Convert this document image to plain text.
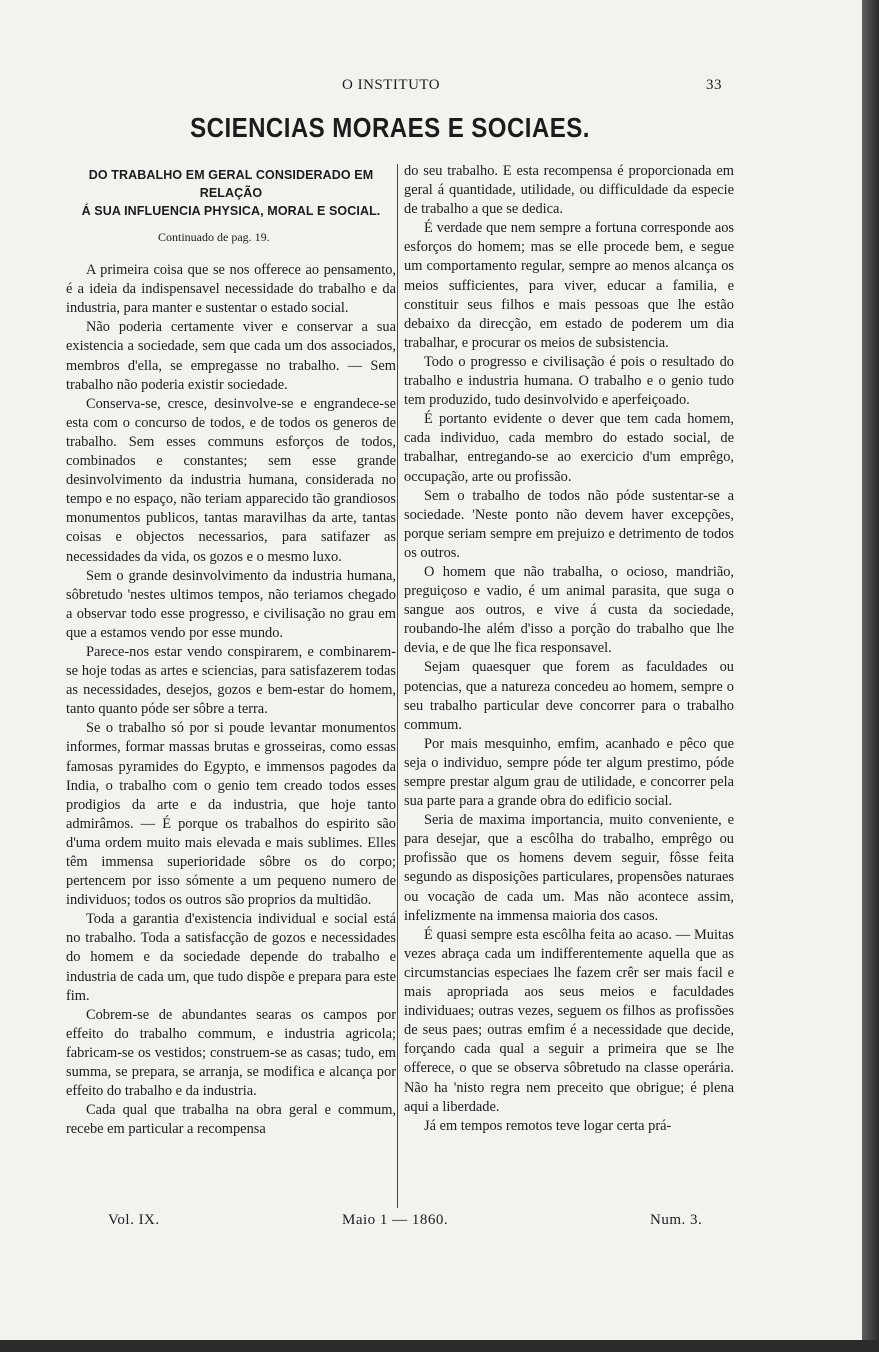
O INSTITUTO	33
SCIENCIAS MORAES E SOCIAES.
DO TRABALHO EM GERAL CONSIDERADO EM RELAÇÃO
Á SUA INFLUENCIA PHYSICA, MORAL E SOCIAL.
Continuado de pag. 19.

A primeira coisa que se nos offerece ao pensamento, é a ideia da indispensavel necessidade do trabalho e da industria, para manter e sustentar o estado social.

Não poderia certamente viver e conservar a sua existencia a sociedade, sem que cada um dos associados, membros d'ella, se empregasse no trabalho. — Sem trabalho não poderia existir sociedade.

Conserva-se, cresce, desinvolve-se e engrandece-se esta com o concurso de todos, e de todos os generos de trabalho. Sem esses communs esforços de todos, combinados e constantes; sem esse grande desinvolvimento da industria humana, considerada no tempo e no espaço, não teriam apparecido tão grandiosos monumentos publicos, tantas maravilhas da arte, tantas coisas e objectos necessarios, para satifazer as necessidades da vida, os gozos e o mesmo luxo.

Sem o grande desinvolvimento da industria humana, sôbretudo 'nestes ultimos tempos, não teriamos chegado a observar todo esse progresso, e civilisação no grau em que a estamos vendo por esse mundo.

Parece-nos estar vendo conspirarem, e combinarem-se hoje todas as artes e sciencias, para satisfazerem todas as necessidades, desejos, gozos e bem-estar do homem, tanto quanto póde ser sôbre a terra.

Se o trabalho só por si poude levantar monumentos informes, formar massas brutas e grosseiras, como essas famosas pyramides do Egypto, e immensos pagodes da India, o trabalho com o genio tem creado todos esses prodigios da arte e da industria, que hoje tanto admirâmos. — É porque os trabalhos do espirito são d'uma ordem muito mais elevada e mais sublimes. Elles têm immensa superioridade sôbre os do corpo; pertencem por isso sómente a um pequeno numero de individuos; todos os outros são proprios da multidão.

Toda a garantia d'existencia individual e social está no trabalho. Toda a satisfacção de gozos e necessidades do homem e da sociedade depende do trabalho e industria de cada um, que tudo dispõe e prepara para este fim.

Cobrem-se de abundantes searas os campos por effeito do trabalho commum, e industria agricola; fabricam-se os vestidos; construem-se as casas; tudo, em summa, se prepara, se arranja, se modifica e alcança por effeito do trabalho e da industria.

Cada qual que trabalha na obra geral e commum, recebe em particular a recompensa

do seu trabalho. E esta recompensa é proporcionada em geral á quantidade, utilidade, ou difficuldade da especie de trabalho a que se dedica.

É verdade que nem sempre a fortuna corresponde aos esforços do homem; mas se elle procede bem, e segue um comportamento regular, sempre ao menos alcança os meios sufficientes, para viver, educar a familia, e constituir seus filhos e mais pessoas que lhe estão debaixo da direcção, em estado de poderem um dia trabalhar, e procurar os meios de subsistencia.

Todo o progresso e civilisação é pois o resultado do trabalho e industria humana. O trabalho e o genio tudo tem produzido, tudo desinvolvido e aperfeiçoado.

É portanto evidente o dever que tem cada homem, cada individuo, cada membro do estado social, de trabalhar, entregando-se ao exercicio d'um emprêgo, occupação, arte ou profissão.

Sem o trabalho de todos não póde sustentar-se a sociedade. 'Neste ponto não devem haver excepções, porque seriam sempre em prejuizo e detrimento de todos os outros.

O homem que não trabalha, o ocioso, mandrião, preguiçoso e vadio, é um animal parasita, que suga o sangue aos outros, e vive á custa da sociedade, roubando-lhe além d'isso a porção do trabalho que lhe devia, e de que lhe fica responsavel.

Sejam quaesquer que forem as faculdades ou potencias, que a natureza concedeu ao homem, sempre o seu trabalho particular deve concorrer para o trabalho commum.

Por mais mesquinho, emfim, acanhado e pêco que seja o individuo, sempre póde ter algum prestimo, póde sempre prestar algum grau de utilidade, e concorrer pela sua parte para a grande obra do edificio social.

Seria de maxima importancia, muito conveniente, e para desejar, que a escôlha do trabalho, emprêgo ou profissão que os homens devem seguir, fôsse feita segundo as disposições particulares, propensões naturaes ou vocação de cada um. Mas não acontece assim, infelizmente na immensa maioria dos casos.

É quasi sempre esta escôlha feita ao acaso. — Muitas vezes abraça cada um indifferentemente aquella que as circumstancias especiaes lhe fazem crêr ser mais facil e mais apropriada aos seus meios e faculdades individuaes; outras vezes, seguem os filhos as profissões de seus paes; outras emfim é a necessidade que decide, forçando cada qual a seguir a primeira que se lhe offerece, o que se observa sôbretudo na classe operária. Não ha 'nisto regra nem preceito que obrigue; é plena aqui a liberdade.

Já em tempos remotos teve logar certa prá-

Vol. IX.	Maio 1 — 1860.	Num. 3.
